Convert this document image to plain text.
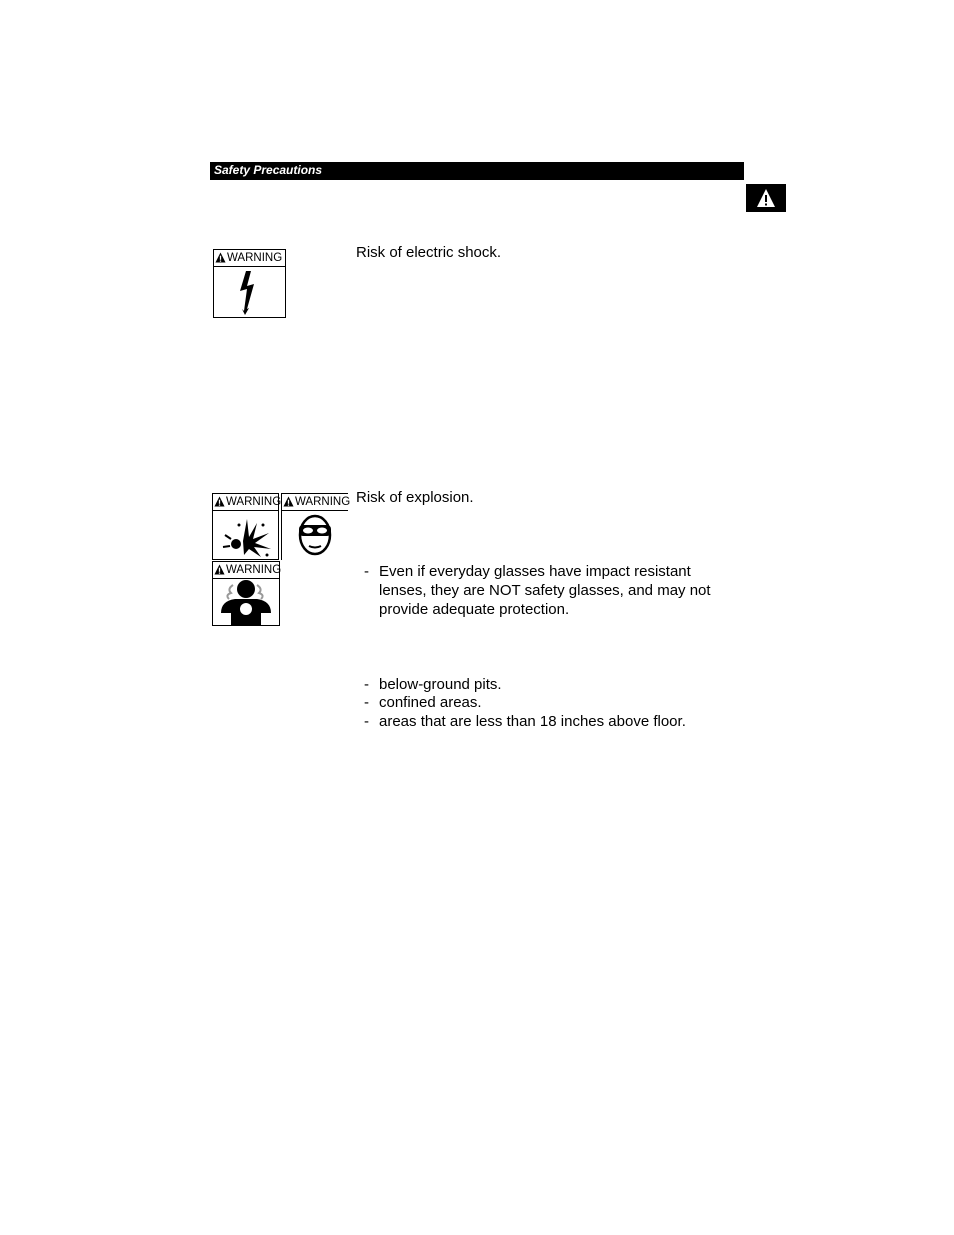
Safety Precautions
WARNING	Risk of electric shock.
WARNING	WARNING
WARNING
Risk of explosion.
- Even if everyday glasses have impact resistant
lenses, they are NOT safety glasses, and may not
provide adequate protection.
- below-ground pits.
- confined areas.
- areas that are less than 18 inches above floor.
